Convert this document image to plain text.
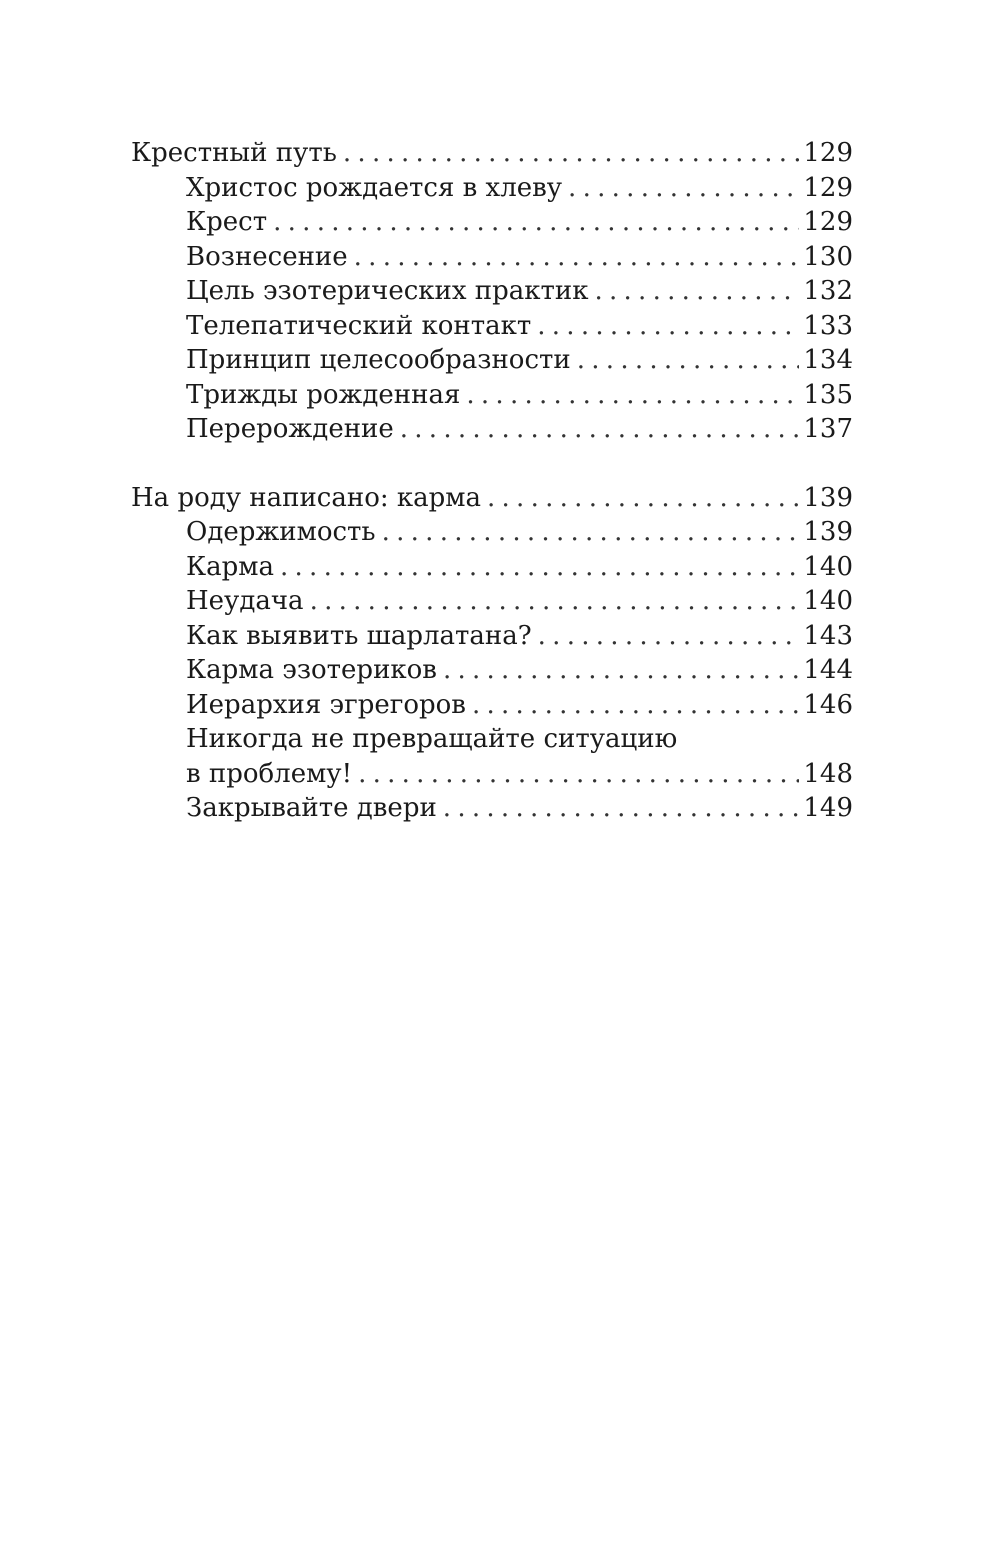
Крестный путь . . .	129
Христос рождается в хлеву . . .	129
Крест . . .	129
Вознесение . . .	130
Цель эзотерических практик . . .	132
Телепатический контакт . . .	133
Принцип целесообразности . . .	134
Трижды рожденная . . .	135
Перерождение . . .	137
На роду написано: карма . . .	139
Одержимость . . .	139
Карма . . .	140
Неудача . . .	140
Как выявить шарлатана? . . .	143
Карма эзотериков . . .	144
Иерархия эгрегоров . . .	146
Никогда не превращайте ситуацию
в проблему! . . .	148
Закрывайте двери . . .	149
